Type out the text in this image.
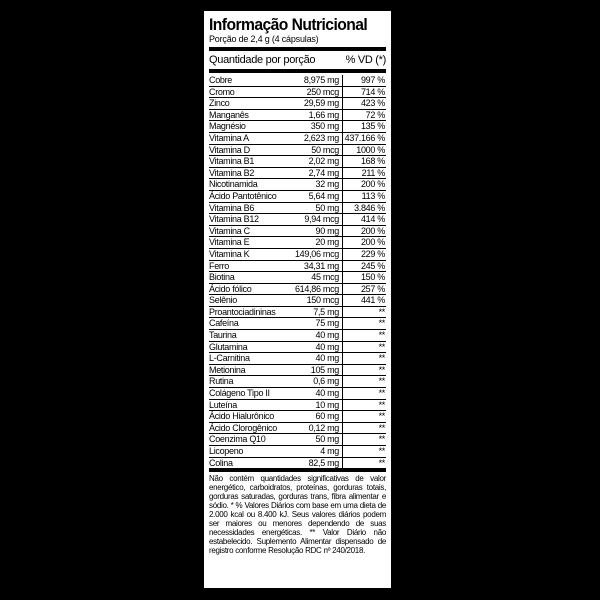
Informação Nutricional
Porção de 2,4 g (4 cápsulas)
Quantidade por porção	% VD (*)
Cobre	8,975 mg	997 %
Cromo	250 mcg	714 %
Zinco	29,59 mg	423 %
Manganês	1,66 mg	72 %
Magnésio	350 mg	135 %
Vitamina A	2,623 mg	437.166 %
Vitamina D	50 mcg	1000 %
Vitamina B1	2,02 mg	168 %
Vitamina B2	2,74 mg	211 %
Nicotinamida	32 mg	200 %
Ácido Pantotênico	5,64 mg	113 %
Vitamina B6	50 mg	3.846 %
Vitamina B12	9,94 mcg	414 %
Vitamina C	90 mg	200 %
Vitamina E	20 mg	200 %
Vitamina K	149,06 mcg	229 %
Ferro	34,31 mg	245 %
Biotina	45 mcg	150 %
Ácido fólico	614,86 mcg	257 %
Selênio	150 mcg	441 %
Proantociadininas	7,5 mg	**
Cafeína	75 mg	**
Taurina	40 mg	**
Glutamina	40 mg	**
L-Carnitina	40 mg	**
Metionina	105 mg	**
Rutina	0,6 mg	**
Colágeno Tipo II	40 mg	**
Luteína	10 mg	**
Ácido Hialurônico	60 mg	**
Ácido Clorogênico	0,12 mg	**
Coenzima Q10	50 mg	**
Licopeno	4 mg	**
Colina	82,5 mg	**
Não contém quantidades significativas de valor energético, carboidratos, proteínas, gorduras totais, gorduras saturadas, gorduras trans, fibra alimentar e sódio. * % Valores Diários com base em uma dieta de 2.000 kcal ou 8.400 kJ. Seus valores diários podem ser maiores ou menores dependendo de suas necessidades energéticas. ** Valor Diário não estabelecido. Suplemento Alimentar dispensado de registro conforme Resolução RDC nº 240/2018.
